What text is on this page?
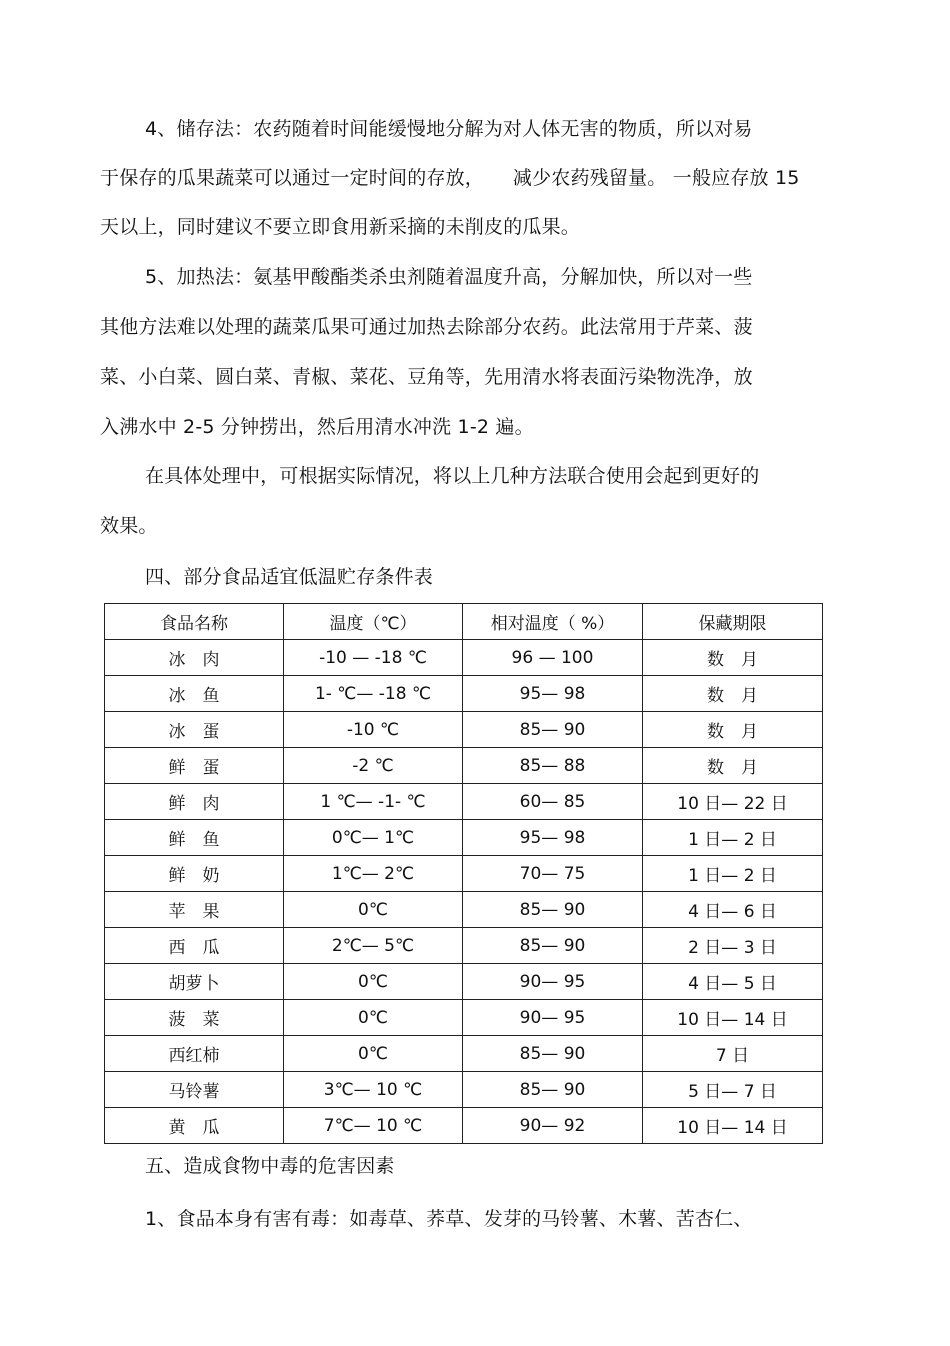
4、储存法：农药随着时间能缓慢地分解为对人体无害的物质，所以对易
于保存的瓜果蔬菜可以通过一定时间的存放，　　减少农药残留量。 一般应存放 15
天以上，同时建议不要立即食用新采摘的未削皮的瓜果。
5、加热法：氨基甲酸酯类杀虫剂随着温度升高，分解加快，所以对一些
其他方法难以处理的蔬菜瓜果可通过加热去除部分农药。此法常用于芹菜、菠
菜、小白菜、圆白菜、青椒、菜花、豆角等，先用清水将表面污染物洗净，放
入沸水中 2-5 分钟捞出，然后用清水冲洗 1-2 遍。
在具体处理中，可根据实际情况，将以上几种方法联合使用会起到更好的
效果。
四、部分食品适宜低温贮存条件表
食品名称	温度（℃）	相对温度（ %）	保藏期限
冰　肉	-10 — -18 ℃	96 — 100	数　月
冰　鱼	1- ℃— -18 ℃	95— 98	数　月
冰　蛋	-10 ℃	85— 90	数　月
鲜　蛋	-2 ℃	85— 88	数　月
鲜　肉	1 ℃— -1- ℃	60— 85	10 日— 22 日
鲜　鱼	0℃— 1℃	95— 98	1 日— 2 日
鲜　奶	1℃— 2℃	70— 75	1 日— 2 日
苹　果	0℃	85— 90	4 日— 6 日
西　瓜	2℃— 5℃	85— 90	2 日— 3 日
胡萝卜	0℃	90— 95	4 日— 5 日
菠　菜	0℃	90— 95	10 日— 14 日
西红柿	0℃	85— 90	7 日
马铃薯	3℃— 10 ℃	85— 90	5 日— 7 日
黄　瓜	7℃— 10 ℃	90— 92	10 日— 14 日
五、造成食物中毒的危害因素
1、食品本身有害有毒：如毒草、荞草、发芽的马铃薯、木薯、苦杏仁、
